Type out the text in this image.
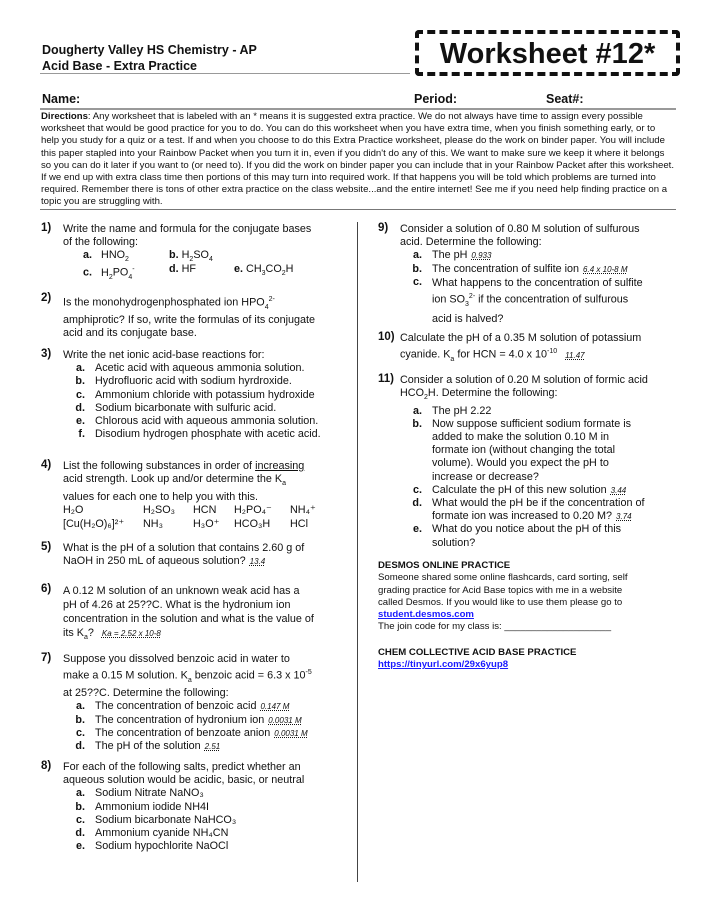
Dougherty Valley HS Chemistry - AP
Acid Base - Extra Practice	Worksheet #12*
Name:	Period:	Seat#:
Directions: Any worksheet that is labeled with an * means it is suggested extra practice. We do not always have time to assign every possible worksheet that would be good practice for you to do. You can do this worksheet when you have extra time, when you finish something early, or to help you study for a quiz or a test. If and when you choose to do this Extra Practice worksheet, please do the work on binder paper. You will include this paper stapled into your Rainbow Packet when you turn it in, even if you didn't do any of this. We want to make sure we keep it where it belongs so you can do it later if you want to (or need to). If you did the work on binder paper you can include that in your Rainbow Packet after this worksheet. If we end up with extra class time then portions of this may turn into required work. If that happens you will be told which problems are turned into required. Remember there is tons of other extra practice on the class website...and the entire internet! See me if you need help finding practice on a topic you are struggling with.
1) Write the name and formula for the conjugate bases
of the following:
a. $HNO_2$	b. $H_2SO_4$
c. $H_2PO_4^-$	d. HF	e. $CH_3CO_2H$
2) Is the monohydrogenphosphated ion $HPO_4^{2-}$
amphiprotic? If so, write the formulas of its conjugate
acid and its conjugate base.
3) Write the net ionic acid-base reactions for:
a. Acetic acid with aqueous ammonia solution.
b. Hydrofluoric acid with sodium hyrdroxide.
c. Ammonium chloride with potassium hydroxide
d. Sodium bicarbonate with sulfuric acid.
e. Chlorous acid with aqueous ammonia solution.
f. Disodium hydrogen phosphate with acetic acid.
4) List the following substances in order of increasing
acid strength. Look up and/or determine the $K_a$
values for each one to help you with this.
H₂O	H₂SO₃ HCN H₂PO₄⁻ NH₄⁺
[Cu(H₂O)₆]²⁺ NH₃	H₃O⁺ HCO₃H HCl
5) What is the pH of a solution that contains 2.60 g of
NaOH in 250 mL of aqueous solution? 13.4
6) A 0.12 M solution of an unknown weak acid has a
pH of 4.26 at 25??C. What is the hydronium ion
concentration in the solution and what is the value of
its $K_a$? Ka = 2.52 x 10-8
7) Suppose you dissolved benzoic acid in water to
make a 0.15 M solution. $K_a$ benzoic acid = 6.3 x $10^{-5}$
at 25??C. Determine the following:
a. The concentration of benzoic acid 0.147 M
b. The concentration of hydronium ion 0.0031 M
c. The concentration of benzoate anion 0.0031 M
d. The pH of the solution 2.51
8) For each of the following salts, predict whether an
aqueous solution would be acidic, basic, or neutral
a. Sodium Nitrate NaNO₃
b. Ammonium iodide NH4I
c. Sodium bicarbonate NaHCO₃
d. Ammonium cyanide NH₄CN
e. Sodium hypochlorite NaOCl
9) Consider a solution of 0.80 M solution of sulfurous
acid. Determine the following:
a. The pH 0.933
b. The concentration of sulfite ion 6.4 x 10-8 M
c. What happens to the concentration of sulfite
ion $SO_3^{2-}$ if the concentration of sulfurous
acid is halved?
10) Calculate the pH of a 0.35 M solution of potassium
cyanide. $K_a$ for HCN = 4.0 x $10^{-10}$ 11.47
11) Consider a solution of 0.20 M solution of formic acid
$HCO_2H$. Determine the following:
a. The pH 2.22
b. Now suppose sufficient sodium formate is
added to make the solution 0.10 M in
formate ion (without changing the total
volume). Would you expect the pH to
increase or decrease?
c. Calculate the pH of this new solution 3.44
d. What would the pH be if the concentration of
formate ion was increased to 0.20 M? 3.74
e. What do you notice about the pH of this
solution?
DESMOS ONLINE PRACTICE
Someone shared some online flashcards, card sorting, self
grading practice for Acid Base topics with me in a website
called Desmos. If you would like to use them please go to
student.desmos.com
The join code for my class is: ____________________
CHEM COLLECTIVE ACID BASE PRACTICE
https://tinyurl.com/29x6yup8
